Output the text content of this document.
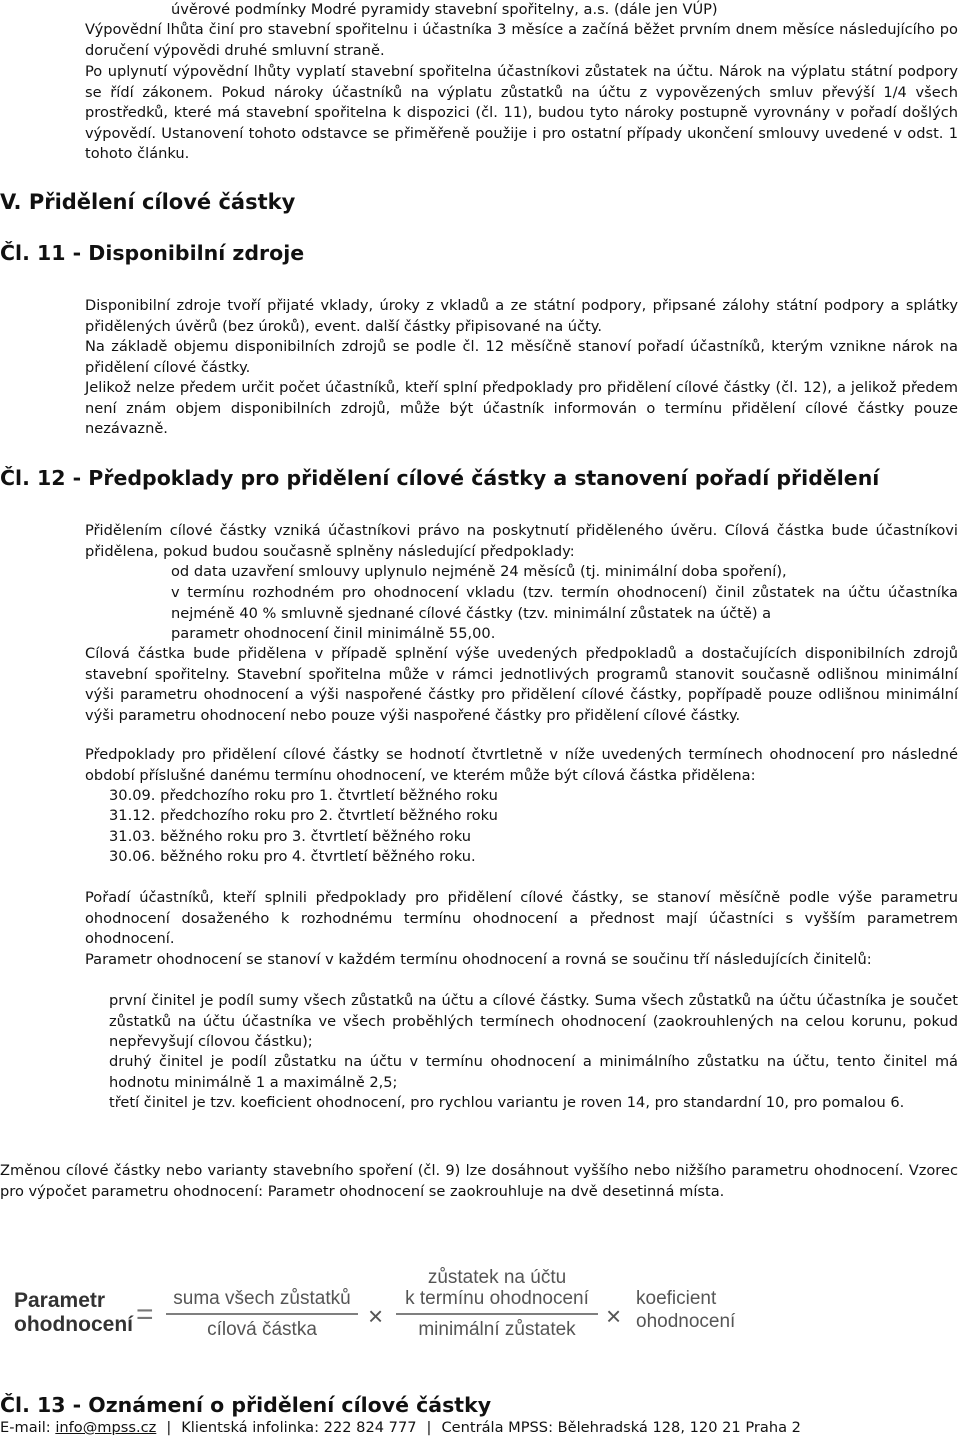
úvěrové podmínky Modré pyramidy stavební spořitelny, a.s. (dále jen VÚP)

Výpovědní lhůta činí pro stavební spořitelnu i účastníka 3 měsíce a začíná běžet prvním dnem měsíce následujícího po doručení výpovědi druhé smluvní straně.

Po uplynutí výpovědní lhůty vyplatí stavební spořitelna účastníkovi zůstatek na účtu. Nárok na výplatu státní podpory se řídí zákonem. Pokud nároky účastníků na výplatu zůstatků na účtu z vypovězených smluv převýší 1/4 všech prostředků, které má stavební spořitelna k dispozici (čl. 11), budou tyto nároky postupně vyrovnány v pořadí došlých výpovědí. Ustanovení tohoto odstavce se přiměřeně použije i pro ostatní případy ukončení smlouvy uvedené v odst. 1 tohoto článku.

V. Přidělení cílové částky
Čl. 11 - Disponibilní zdroje

Disponibilní zdroje tvoří přijaté vklady, úroky z vkladů a ze státní podpory, připsané zálohy státní podpory a splátky přidělených úvěrů (bez úroků), event. další částky připisované na účty.

Na základě objemu disponibilních zdrojů se podle čl. 12 měsíčně stanoví pořadí účastníků, kterým vznikne nárok na přidělení cílové částky.

Jelikož nelze předem určit počet účastníků, kteří splní předpoklady pro přidělení cílové částky (čl. 12), a jelikož předem není znám objem disponibilních zdrojů, může být účastník informován o termínu přidělení cílové částky pouze nezávazně.

Čl. 12 - Předpoklady pro přidělení cílové částky a stanovení pořadí přidělení

Přidělením cílové částky vzniká účastníkovi právo na poskytnutí přiděleného úvěru. Cílová částka bude účastníkovi přidělena, pokud budou současně splněny následující předpoklady:

od data uzavření smlouvy uplynulo nejméně 24 měsíců (tj. minimální doba spoření),

v termínu rozhodném pro ohodnocení vkladu (tzv. termín ohodnocení) činil zůstatek na účtu účastníka nejméně 40 % smluvně sjednané cílové částky (tzv. minimální zůstatek na účtě) a

parametr ohodnocení činil minimálně 55,00.

Cílová částka bude přidělena v případě splnění výše uvedených předpokladů a dostačujících disponibilních zdrojů stavební spořitelny. Stavební spořitelna může v rámci jednotlivých programů stanovit současně odlišnou minimální výši parametru ohodnocení a výši naspořené částky pro přidělení cílové částky, popřípadě pouze odlišnou minimální výši parametru ohodnocení nebo pouze výši naspořené částky pro přidělení cílové částky.

Předpoklady pro přidělení cílové částky se hodnotí čtvrtletně v níže uvedených termínech ohodnocení pro následné období příslušné danému termínu ohodnocení, ve kterém může být cílová částka přidělena:

30.09. předchozího roku pro 1. čtvrtletí běžného roku
31.12. předchozího roku pro 2. čtvrtletí běžného roku
31.03. běžného roku pro 3. čtvrtletí běžného roku
30.06. běžného roku pro 4. čtvrtletí běžného roku.

Pořadí účastníků, kteří splnili předpoklady pro přidělení cílové částky, se stanoví měsíčně podle výše parametru ohodnocení dosaženého k rozhodnému termínu ohodnocení a přednost mají účastníci s vyšším parametrem ohodnocení.

Parametr ohodnocení se stanoví v každém termínu ohodnocení a rovná se součinu tří následujících činitelů:

první činitel je podíl sumy všech zůstatků na účtu a cílové částky. Suma všech zůstatků na účtu účastníka je součet zůstatků na účtu účastníka ve všech proběhlých termínech ohodnocení (zaokrouhlených na celou korunu, pokud nepřevyšují cílovou částku);

druhý činitel je podíl zůstatku na účtu v termínu ohodnocení a minimálního zůstatku na účtu, tento činitel má hodnotu minimálně 1 a maximálně 2,5;

třetí činitel je tzv. koeficient ohodnocení, pro rychlou variantu je roven 14, pro standardní 10, pro pomalou 6.

Změnou cílové částky nebo varianty stavebního spoření (čl. 9) lze dosáhnout vyššího nebo nižšího parametru ohodnocení. Vzorec pro výpočet parametru ohodnocení: Parametr ohodnocení se zaokrouhluje na dvě desetinná místa.

Parametr
ohodnocení = suma všech zůstatků
cílová částka ×
zůstatek na účtu
k termínu ohodnocení
minimální zůstatek ×
koeficient
ohodnocení
Čl. 13 - Oznámení o přidělení cílové částky
E-mail: info@mpss.cz | Klientská infolinka: 222 824 777 | Centrála MPSS: Bělehradská 128, 120 21 Praha 2
